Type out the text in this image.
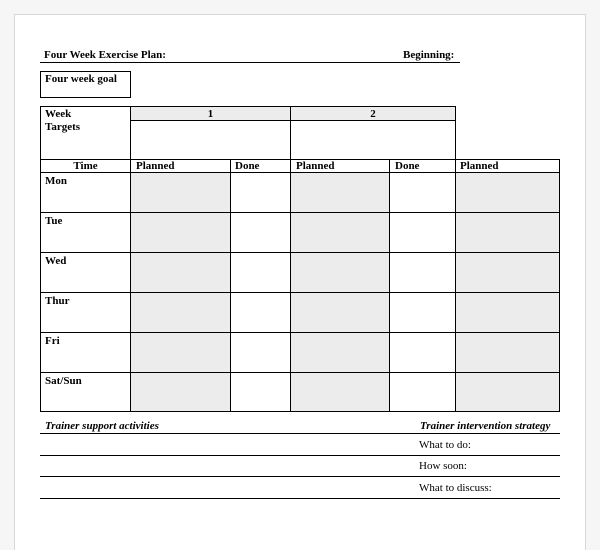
Four Week Exercise Plan:	Beginning:
Four week goal
Week
Targets
1	2
Time	Planned	Done	Planned	Done	Planned
Mon
Tue
Wed
Thur
Fri
Sat/Sun
Trainer support activities	Trainer intervention strategy
What to do:
How soon:
What to discuss:
